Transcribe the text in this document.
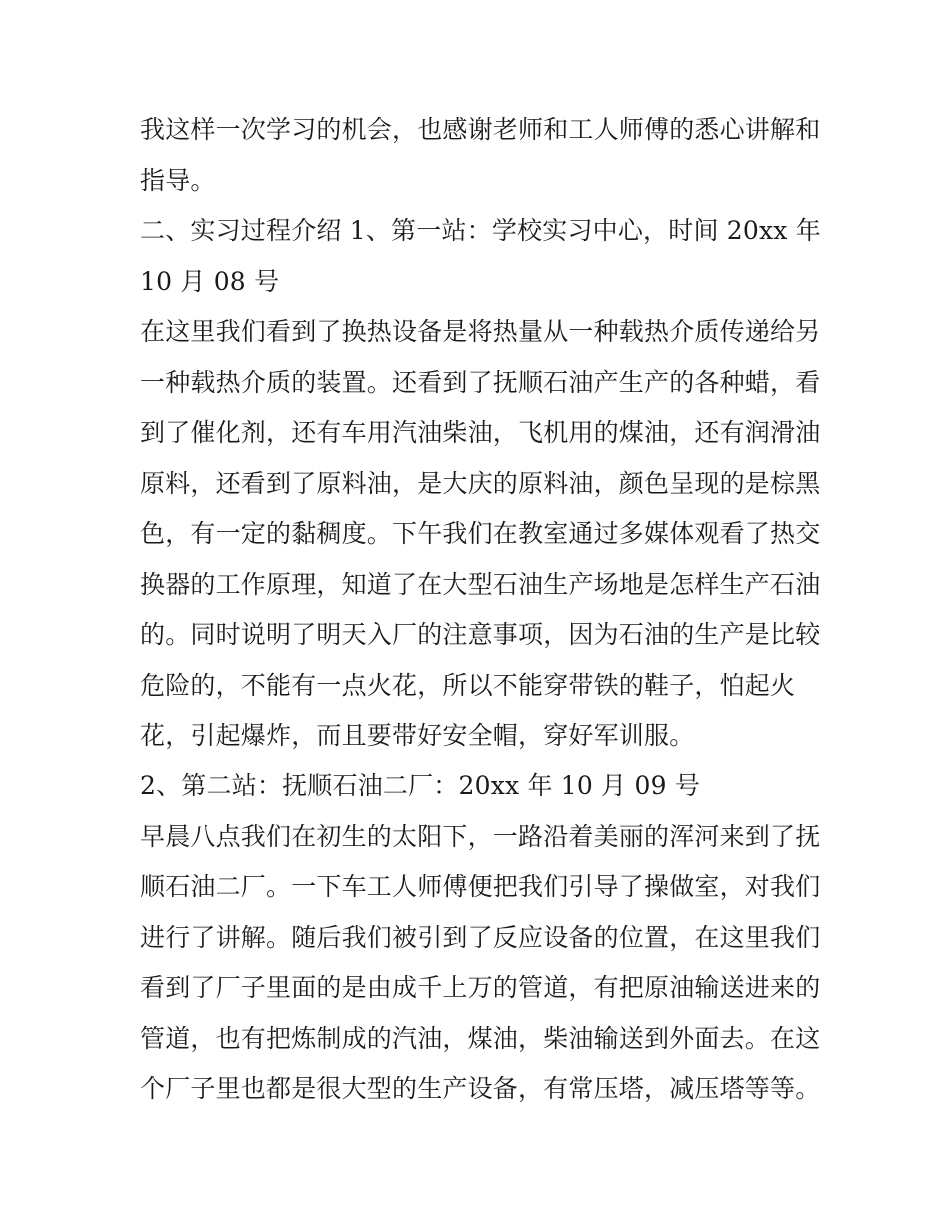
我这样一次学习的机会，也感谢老师和工人师傅的悉心讲解和
指导。
二、实习过程介绍 1、第一站：学校实习中心，时间 20xx 年
10 月 08 号
在这里我们看到了换热设备是将热量从一种载热介质传递给另
一种载热介质的装置。还看到了抚顺石油产生产的各种蜡，看
到了催化剂，还有车用汽油柴油，飞机用的煤油，还有润滑油
原料，还看到了原料油，是大庆的原料油，颜色呈现的是棕黑
色，有一定的黏稠度。下午我们在教室通过多媒体观看了热交
换器的工作原理，知道了在大型石油生产场地是怎样生产石油
的。同时说明了明天入厂的注意事项，因为石油的生产是比较
危险的，不能有一点火花，所以不能穿带铁的鞋子，怕起火
花，引起爆炸，而且要带好安全帽，穿好军训服。
2、第二站：抚顺石油二厂：20xx 年 10 月 09 号
早晨八点我们在初生的太阳下，一路沿着美丽的浑河来到了抚
顺石油二厂。一下车工人师傅便把我们引导了操做室，对我们
进行了讲解。随后我们被引到了反应设备的位置，在这里我们
看到了厂子里面的是由成千上万的管道，有把原油输送进来的
管道，也有把炼制成的汽油，煤油，柴油输送到外面去。在这
个厂子里也都是很大型的生产设备，有常压塔，减压塔等等。
